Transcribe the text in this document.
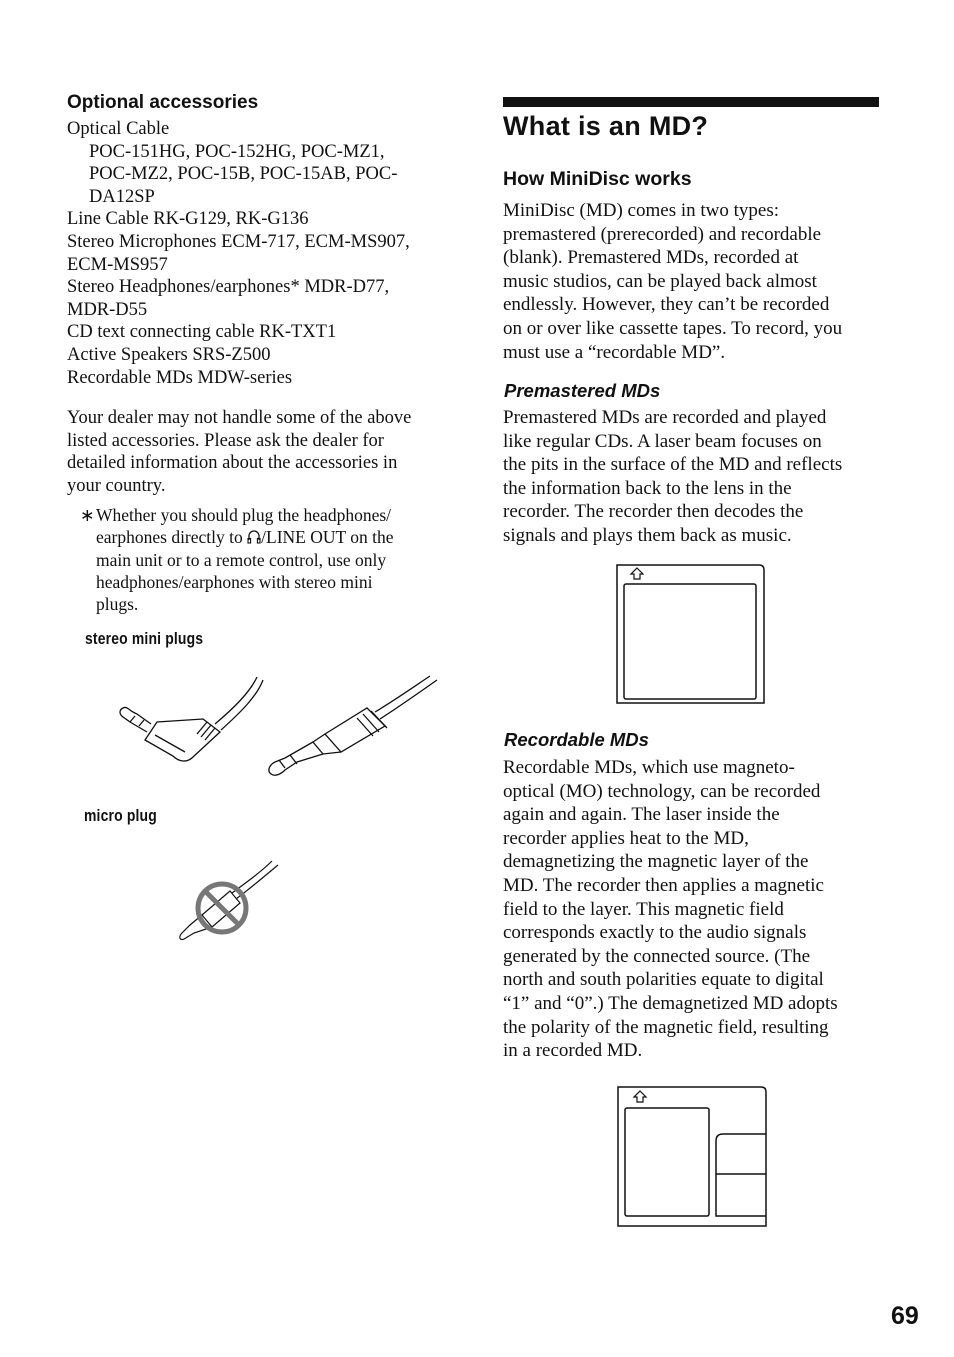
Optional accessories
Optical Cable
POC-151HG, POC-152HG, POC-MZ1,
POC-MZ2, POC-15B, POC-15AB, POC-
DA12SP
Line Cable RK-G129, RK-G136
Stereo Microphones ECM-717, ECM-MS907,
ECM-MS957
Stereo Headphones/earphones* MDR-D77,
MDR-D55
CD text connecting cable RK-TXT1
Active Speakers SRS-Z500
Recordable MDs MDW-series
Your dealer may not handle some of the above
listed accessories. Please ask the dealer for
detailed information about the accessories in
your country.
∗ Whether you should plug the headphones/
earphones directly to /LINE OUT on the
main unit or to a remote control, use only
headphones/earphones with stereo mini
plugs.
stereo mini plugs
micro plug
What is an MD?
How MiniDisc works
MiniDisc (MD) comes in two types:
premastered (prerecorded) and recordable
(blank). Premastered MDs, recorded at
music studios, can be played back almost
endlessly. However, they can’t be recorded
on or over like cassette tapes. To record, you
must use a “recordable MD”.
Premastered MDs
Premastered MDs are recorded and played
like regular CDs. A laser beam focuses on
the pits in the surface of the MD and reflects
the information back to the lens in the
recorder. The recorder then decodes the
signals and plays them back as music.
Recordable MDs
Recordable MDs, which use magneto-
optical (MO) technology, can be recorded
again and again. The laser inside the
recorder applies heat to the MD,
demagnetizing the magnetic layer of the
MD. The recorder then applies a magnetic
field to the layer. This magnetic field
corresponds exactly to the audio signals
generated by the connected source. (The
north and south polarities equate to digital
“1” and “0”.) The demagnetized MD adopts
the polarity of the magnetic field, resulting
in a recorded MD.
69
